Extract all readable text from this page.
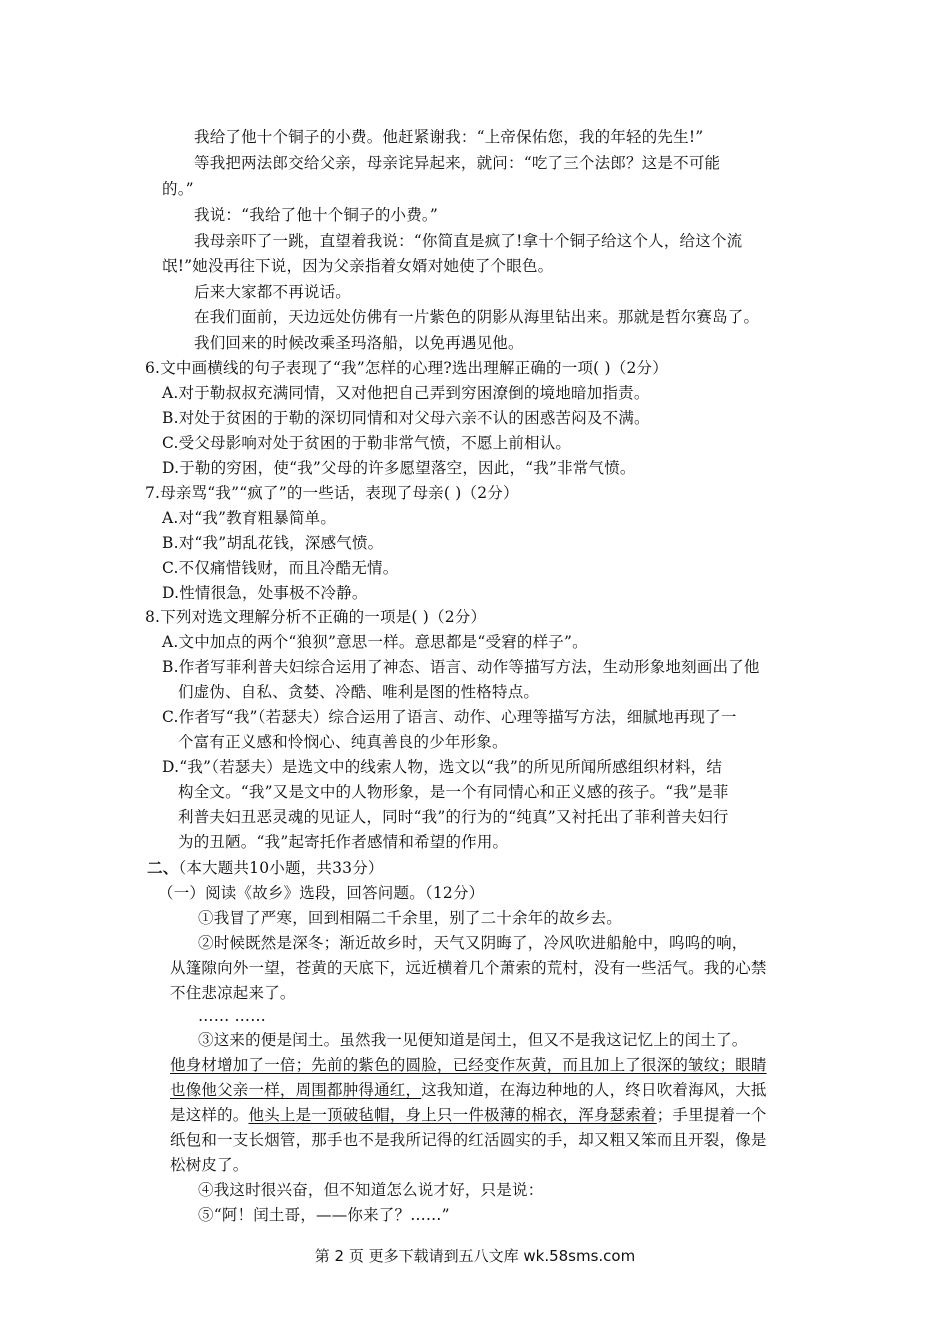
我给了他十个铜子的小费。他赶紧谢我：“上帝保佑您，我的年轻的先生!”
等我把两法郎交给父亲，母亲诧异起来，就问：“吃了三个法郎？这是不可能
的。”
我说：“我给了他十个铜子的小费。”
我母亲吓了一跳，直望着我说：“你简直是疯了!拿十个铜子给这个人，给这个流
氓!”她没再往下说，因为父亲指着女婿对她使了个眼色。
后来大家都不再说话。
在我们面前，天边远处仿佛有一片紫色的阴影从海里钻出来。那就是哲尔赛岛了。
我们回来的时候改乘圣玛洛船，以免再遇见他。
6.文中画横线的句子表现了“我”怎样的心理?选出理解正确的一项( )（2分）
A.对于勒叔叔充满同情，又对他把自己弄到穷困潦倒的境地暗加指责。
B.对处于贫困的于勒的深切同情和对父母六亲不认的困惑苦闷及不满。
C.受父母影响对处于贫困的于勒非常气愤，不愿上前相认。
D.于勒的穷困，使“我”父母的许多愿望落空，因此，“我”非常气愤。
7.母亲骂“我”“疯了”的一些话，表现了母亲( )（2分）
A.对“我”教育粗暴简单。
B.对“我”胡乱花钱，深感气愤。
C.不仅痛惜钱财，而且冷酷无情。
D.性情很急，处事极不冷静。
8.下列对选文理解分析不正确的一项是( )（2分）
A.文中加点的两个“狼狈”意思一样。意思都是“受窘的样子”。
B.作者写菲利普夫妇综合运用了神态、语言、动作等描写方法，生动形象地刻画出了他
们虚伪、自私、贪婪、冷酷、唯利是图的性格特点。
C.作者写“我”（若瑟夫）综合运用了语言、动作、心理等描写方法，细腻地再现了一
个富有正义感和怜悯心、纯真善良的少年形象。
D.“我”（若瑟夫）是选文中的线索人物，选文以“我”的所见所闻所感组织材料，结
构全文。“我”又是文中的人物形象，是一个有同情心和正义感的孩子。“我”是菲
利普夫妇丑恶灵魂的见证人，同时“我”的行为的“纯真”又衬托出了菲利普夫妇行
为的丑陋。“我”起寄托作者感情和希望的作用。
二、（本大题共10小题，共33分）
（一）阅读《故乡》选段，回答问题。（12分）
①我冒了严寒，回到相隔二千余里，别了二十余年的故乡去。
②时候既然是深冬；渐近故乡时，天气又阴晦了，冷风吹进船舱中，呜呜的响，
从篷隙向外一望，苍黄的天底下，远近横着几个萧索的荒村，没有一些活气。我的心禁
不住悲凉起来了。
…… ……
③这来的便是闰土。虽然我一见便知道是闰土，但又不是我这记忆上的闰土了。
他身材增加了一倍；先前的紫色的圆脸，已经变作灰黄，而且加上了很深的皱纹；眼睛
也像他父亲一样，周围都肿得通红，这我知道，在海边种地的人，终日吹着海风，大抵
是这样的。他头上是一顶破毡帽，身上只一件极薄的棉衣，浑身瑟索着；手里提着一个
纸包和一支长烟管，那手也不是我所记得的红活圆实的手，却又粗又笨而且开裂，像是
松树皮了。
④我这时很兴奋，但不知道怎么说才好，只是说：
⑤“阿！闰土哥，——你来了？……”
第 2 页 更多下载请到五八文库 wk.58sms.com
